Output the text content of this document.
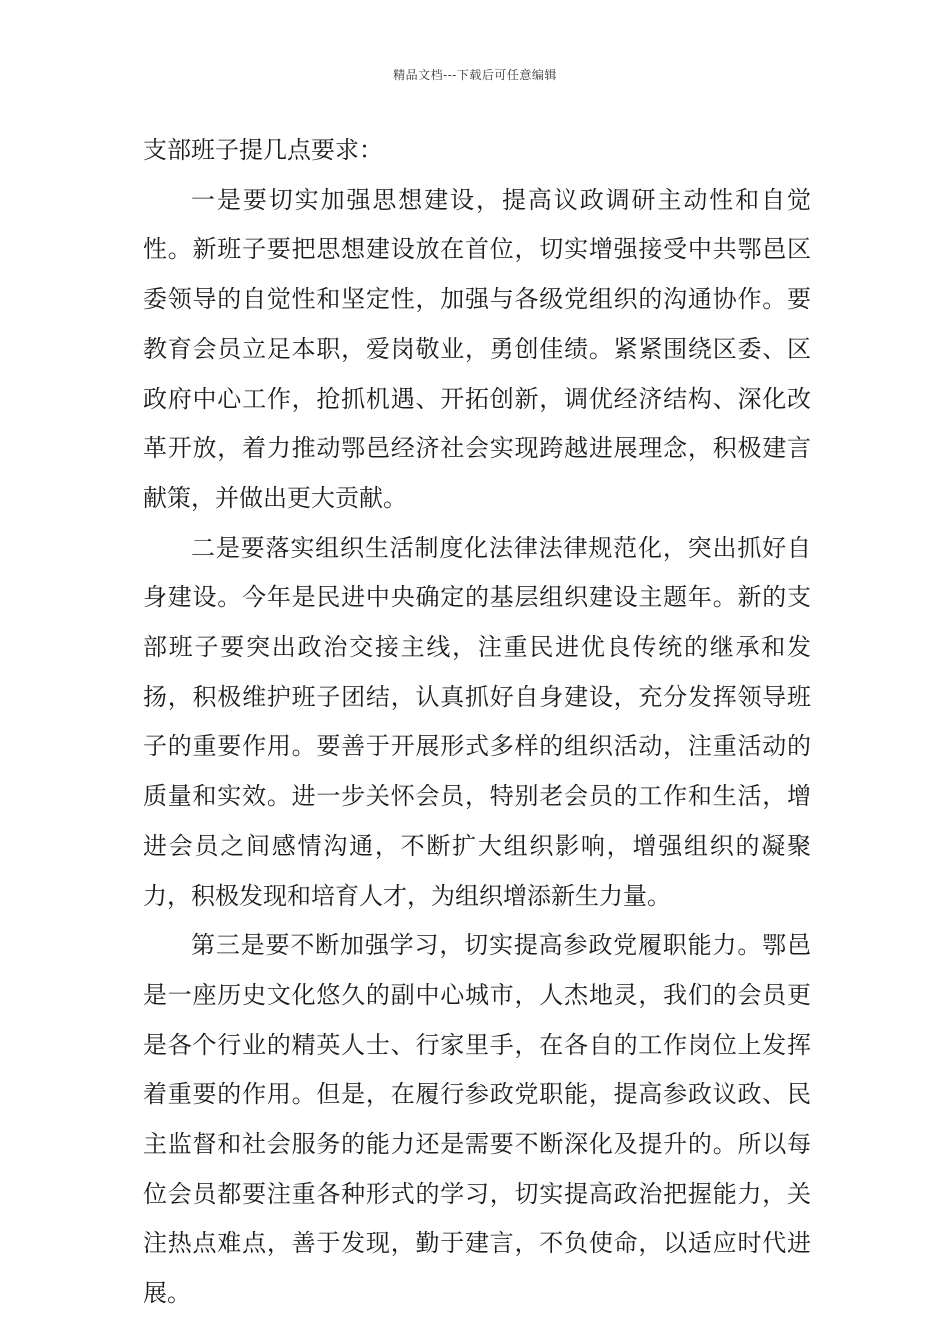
精品文档---下载后可任意编辑

支部班子提几点要求：

一是要切实加强思想建设，提高议政调研主动性和自觉性。新班子要把思想建设放在首位，切实增强接受中共鄂邑区委领导的自觉性和坚定性，加强与各级党组织的沟通协作。要教育会员立足本职，爱岗敬业，勇创佳绩。紧紧围绕区委、区政府中心工作，抢抓机遇、开拓创新，调优经济结构、深化改革开放，着力推动鄂邑经济社会实现跨越进展理念，积极建言献策，并做出更大贡献。

二是要落实组织生活制度化法律法律规范化，突出抓好自身建设。今年是民进中央确定的基层组织建设主题年。新的支部班子要突出政治交接主线，注重民进优良传统的继承和发扬，积极维护班子团结，认真抓好自身建设，充分发挥领导班子的重要作用。要善于开展形式多样的组织活动，注重活动的质量和实效。进一步关怀会员，特别老会员的工作和生活，增进会员之间感情沟通，不断扩大组织影响，增强组织的凝聚力，积极发现和培育人才，为组织增添新生力量。

第三是要不断加强学习，切实提高参政党履职能力。鄂邑是一座历史文化悠久的副中心城市，人杰地灵，我们的会员更是各个行业的精英人士、行家里手，在各自的工作岗位上发挥着重要的作用。但是，在履行参政党职能，提高参政议政、民主监督和社会服务的能力还是需要不断深化及提升的。所以每位会员都要注重各种形式的学习，切实提高政治把握能力，关注热点难点，善于发现，勤于建言，不负使命，以适应时代进展。
